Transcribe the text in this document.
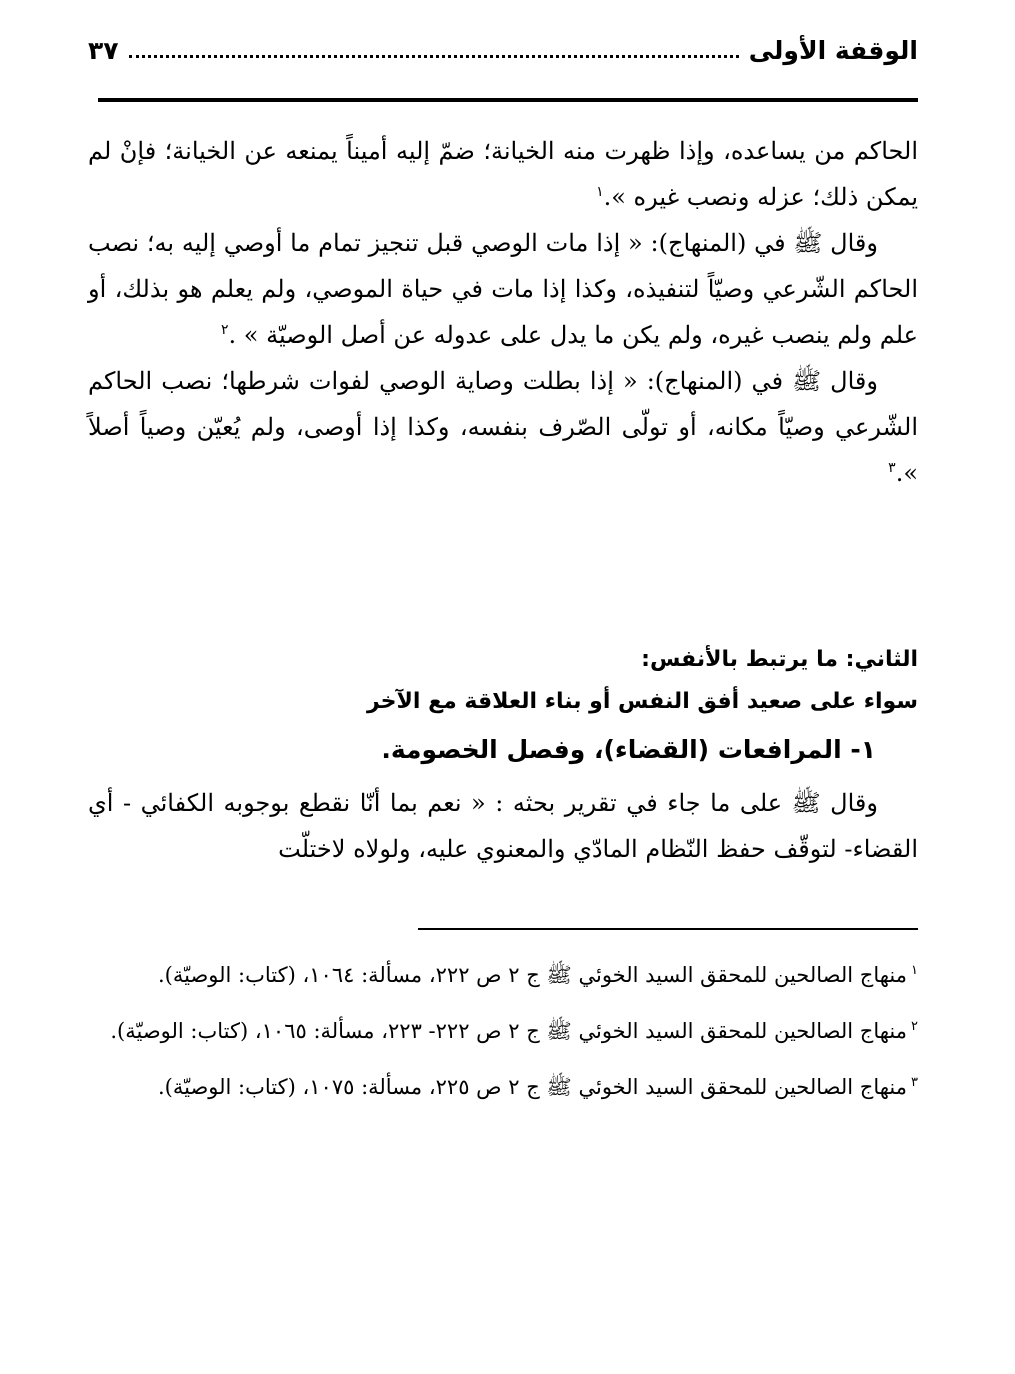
الوقفة الأولى
٣٧

الحاكم من يساعده، وإذا ظهرت منه الخيانة؛ ضمّ إليه أميناً يمنعه عن الخيانة؛ فإنْ لم يمكن ذلك؛ عزله ونصب غيره ».$^١$

وقال ﷺ في (المنهاج): « إذا مات الوصي قبل تنجيز تمام ما أوصي إليه به؛ نصب الحاكم الشّرعي وصيّاً لتنفيذه، وكذا إذا مات في حياة الموصي، ولم يعلم هو بذلك، أو علم ولم ينصب غيره، ولم يكن ما يدل على عدوله عن أصل الوصيّة » .$^٢$

وقال ﷺ في (المنهاج): « إذا بطلت وصاية الوصي لفوات شرطها؛ نصب الحاكم الشّرعي وصيّاً مكانه، أو تولّى الصّرف بنفسه، وكذا إذا أوصى، ولم يُعيّن وصياً أصلاً ».$^٣$

الثاني: ما يرتبط بالأنفس:
سواء على صعيد أفق النفس أو بناء العلاقة مع الآخر
١- المرافعات (القضاء)، وفصل الخصومة.

وقال ﷺ على ما جاء في تقرير بحثه : « نعم بما أنّا نقطع بوجوبه الكفائي - أي القضاء- لتوقّف حفظ النّظام المادّي والمعنوي عليه، ولولاه لاختلّت

$^١$منهاج الصالحين للمحقق السيد الخوئي ﷺ ج ٢ ص ٢٢٢، مسألة: ١٠٦٤، (كتاب: الوصيّة).

$^٢$منهاج الصالحين للمحقق السيد الخوئي ﷺ ج ٢ ص ٢٢٢- ٢٢٣، مسألة: ١٠٦٥، (كتاب: الوصيّة).

$^٣$منهاج الصالحين للمحقق السيد الخوئي ﷺ ج ٢ ص ٢٢٥، مسألة: ١٠٧٥، (كتاب: الوصيّة).
